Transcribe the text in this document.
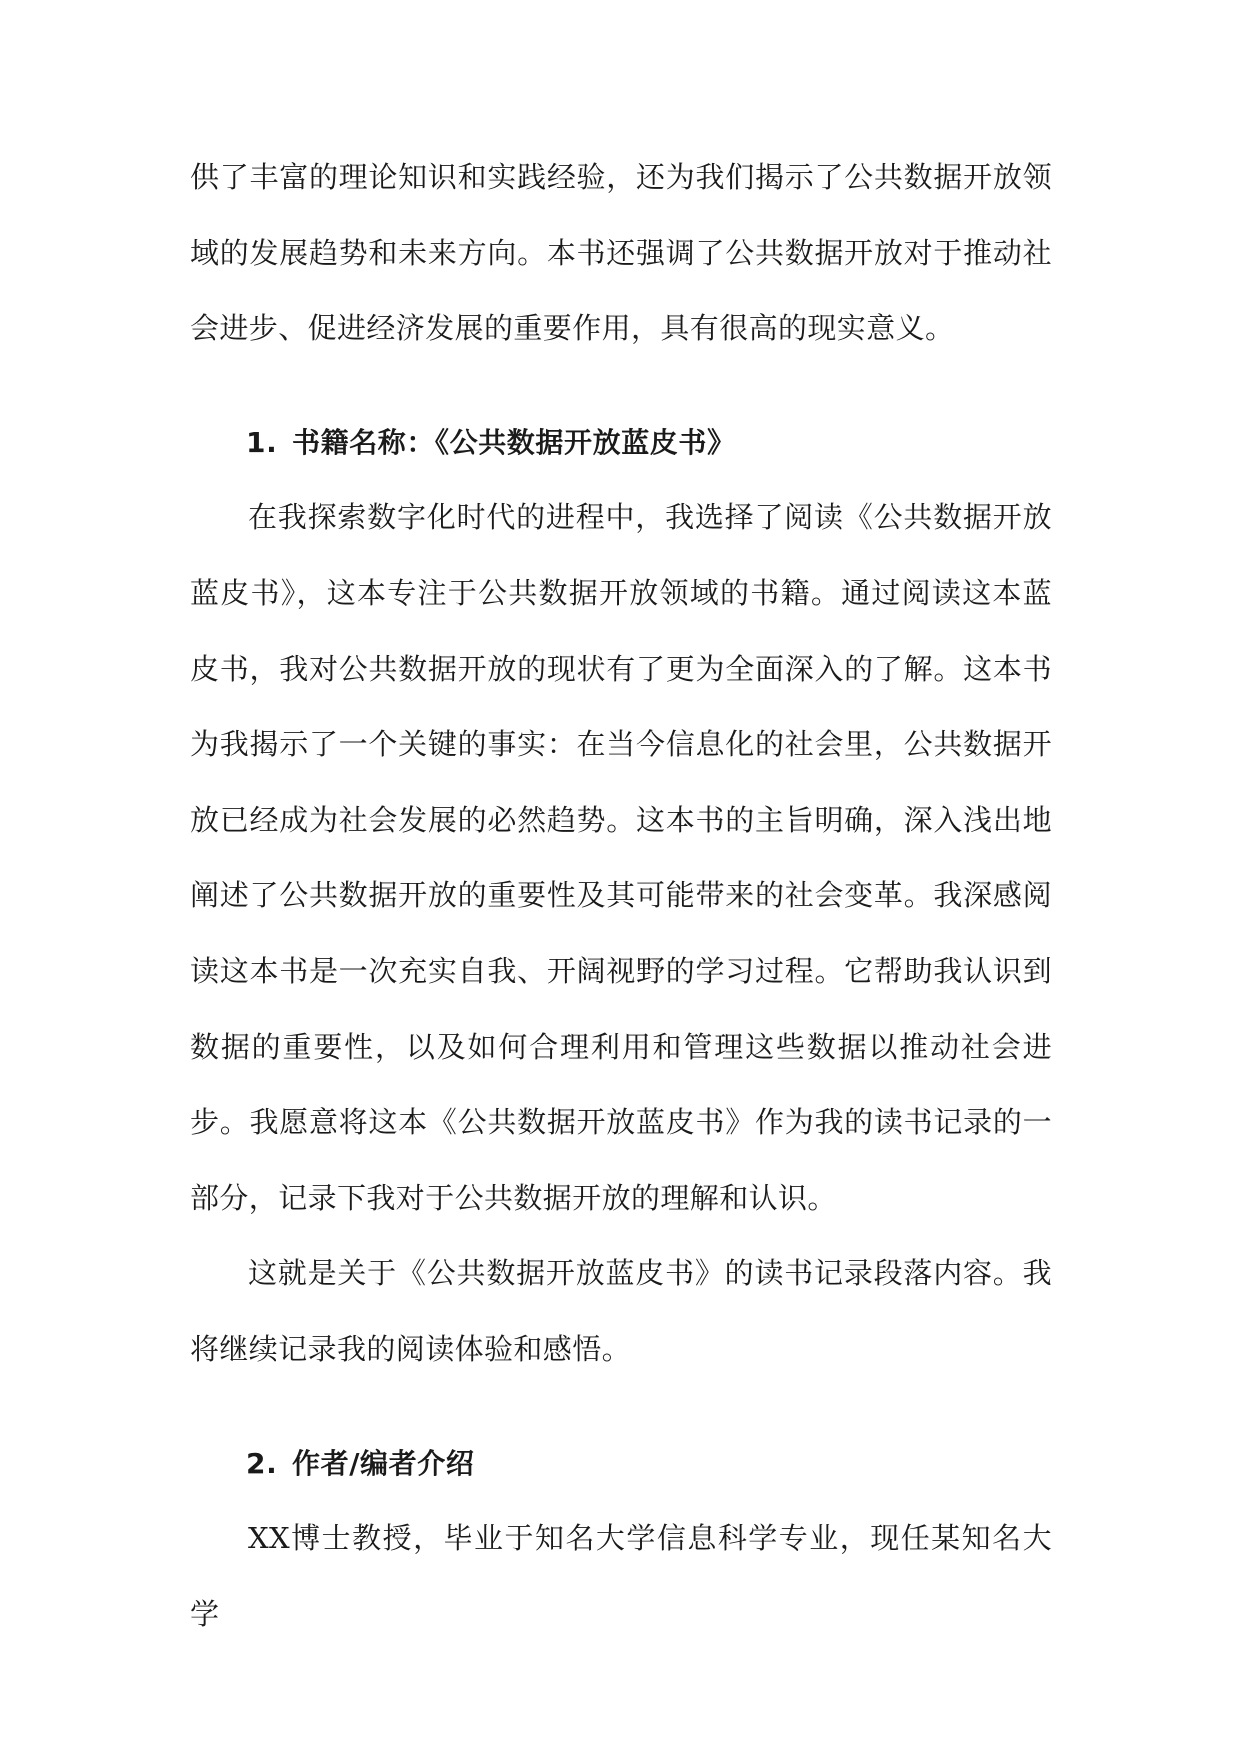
供了丰富的理论知识和实践经验，还为我们揭示了公共数据开放领域的发展趋势和未来方向。本书还强调了公共数据开放对于推动社会进步、促进经济发展的重要作用，具有很高的现实意义。

1. 书籍名称：《公共数据开放蓝皮书》

在我探索数字化时代的进程中，我选择了阅读《公共数据开放蓝皮书》，这本专注于公共数据开放领域的书籍。通过阅读这本蓝皮书，我对公共数据开放的现状有了更为全面深入的了解。这本书为我揭示了一个关键的事实：在当今信息化的社会里，公共数据开放已经成为社会发展的必然趋势。这本书的主旨明确，深入浅出地阐述了公共数据开放的重要性及其可能带来的社会变革。我深感阅读这本书是一次充实自我、开阔视野的学习过程。它帮助我认识到数据的重要性，以及如何合理利用和管理这些数据以推动社会进步。我愿意将这本《公共数据开放蓝皮书》作为我的读书记录的一部分，记录下我对于公共数据开放的理解和认识。

这就是关于《公共数据开放蓝皮书》的读书记录段落内容。我将继续记录我的阅读体验和感悟。

2. 作者/编者介绍

XX博士教授，毕业于知名大学信息科学专业，现任某知名大学
